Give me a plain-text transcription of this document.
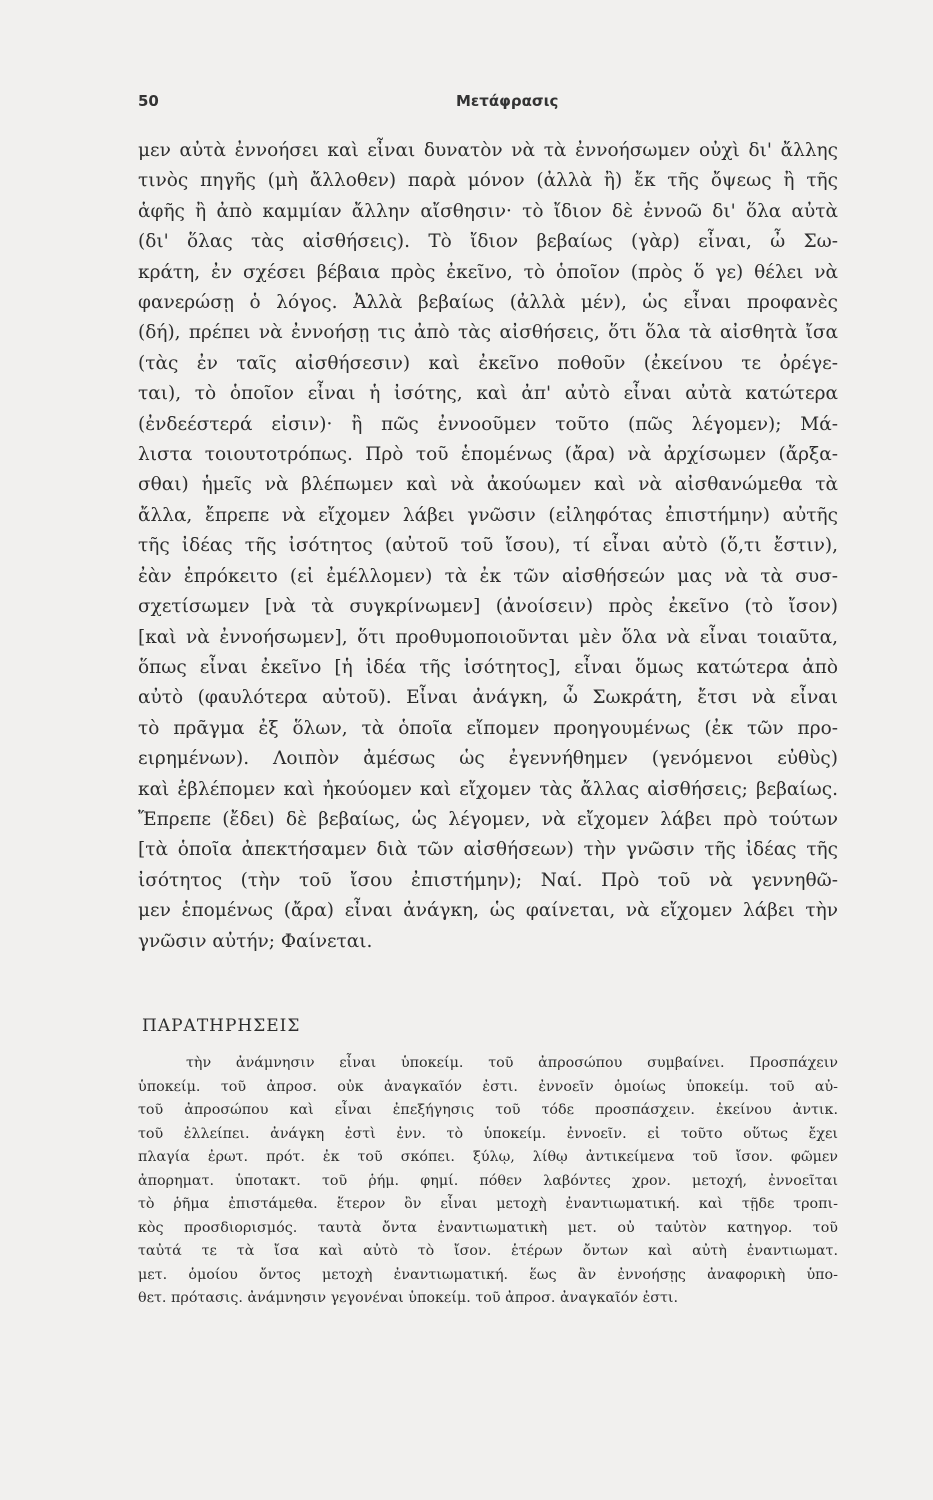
50	Μετάφρασις
μεν αὐτὰ ἐννοήσει καὶ εἶναι δυνατὸν νὰ τὰ ἐννοήσωμεν οὐχὶ δι' ἄλλης
τινὸς πηγῆς (μὴ ἄλλοθεν) παρὰ μόνον (ἀλλὰ ἢ) ἔκ τῆς ὄψεως ἢ τῆς
ἁφῆς ἢ ἀπὸ καμμίαν ἄλλην αἴσθησιν· τὸ ἴδιον δὲ ἐννοῶ δι' ὅλα αὐτὰ
(δι' ὅλας τὰς αἰσθήσεις). Τὸ ἴδιον βεβαίως (γὰρ) εἶναι, ὦ Σω-
κράτη, ἐν σχέσει βέβαια πρὸς ἐκεῖνο, τὸ ὁποῖον (πρὸς ὅ γε) θέλει νὰ
φανερώσῃ ὁ λόγος. Ἀλλὰ βεβαίως (ἀλλὰ μέν), ὡς εἶναι προφανὲς
(δή), πρέπει νὰ ἐννοήσῃ τις ἀπὸ τὰς αἰσθήσεις, ὅτι ὅλα τὰ αἰσθητὰ ἴσα
(τὰς ἐν ταῖς αἰσθήσεσιν) καὶ ἐκεῖνο ποθοῦν (ἐκείνου τε ὀρέγε-
ται), τὸ ὁποῖον εἶναι ἡ ἰσότης, καὶ ἀπ' αὐτὸ εἶναι αὐτὰ κατώτερα
(ἐνδεέστερά εἰσιν)· ἢ πῶς ἐννοοῦμεν τοῦτο (πῶς λέγομεν); Μά-
λιστα τοιουτοτρόπως. Πρὸ τοῦ ἑπομένως (ἄρα) νὰ ἀρχίσωμεν (ἄρξα-
σθαι) ἡμεῖς νὰ βλέπωμεν καὶ νὰ ἀκούωμεν καὶ νὰ αἰσθανώμεθα τὰ
ἄλλα, ἔπρεπε νὰ εἴχομεν λάβει γνῶσιν (εἰληφότας ἐπιστήμην) αὐτῆς
τῆς ἰδέας τῆς ἰσότητος (αὐτοῦ τοῦ ἴσου), τί εἶναι αὐτὸ (ὅ,τι ἔστιν),
ἐὰν ἐπρόκειτο (εἰ ἐμέλλομεν) τὰ ἐκ τῶν αἰσθήσεών μας νὰ τὰ συσ-
σχετίσωμεν [νὰ τὰ συγκρίνωμεν] (ἀνοίσειν) πρὸς ἐκεῖνο (τὸ ἴσον)
[καὶ νὰ ἐννοήσωμεν], ὅτι προθυμοποιοῦνται μὲν ὅλα νὰ εἶναι τοιαῦτα,
ὅπως εἶναι ἐκεῖνο [ἡ ἰδέα τῆς ἰσότητος], εἶναι ὅμως κατώτερα ἀπὸ
αὐτὸ (φαυλότερα αὐτοῦ). Εἶναι ἀνάγκη, ὦ Σωκράτη, ἔτσι νὰ εἶναι
τὸ πρᾶγμα ἐξ ὅλων, τὰ ὁποῖα εἴπομεν προηγουμένως (ἐκ τῶν προ-
ειρημένων). Λοιπὸν ἀμέσως ὡς ἐγεννήθημεν (γενόμενοι εὐθὺς)
καὶ ἐβλέπομεν καὶ ἠκούομεν καὶ εἴχομεν τὰς ἄλλας αἰσθήσεις; βεβαίως.
Ἔπρεπε (ἔδει) δὲ βεβαίως, ὡς λέγομεν, νὰ εἴχομεν λάβει πρὸ τούτων
[τὰ ὁποῖα ἀπεκτήσαμεν διὰ τῶν αἰσθήσεων) τὴν γνῶσιν τῆς ἰδέας τῆς
ἰσότητος (τὴν τοῦ ἴσου ἐπιστήμην); Ναί. Πρὸ τοῦ νὰ γεννηθῶ-
μεν ἑπομένως (ἄρα) εἶναι ἀνάγκη, ὡς φαίνεται, νὰ εἴχομεν λάβει τὴν
γνῶσιν αὐτήν; Φαίνεται.
ΠΑΡΑΤΗΡΗΣΕΙΣ
τὴν ἀνάμνησιν εἶναι ὑποκείμ. τοῦ ἀπροσώπου συμβαίνει. Προσπάχειν
ὑποκείμ. τοῦ ἀπροσ. οὐκ ἀναγκαῖόν ἐστι. ἐννοεῖν ὁμοίως ὑποκείμ. τοῦ αὐ-
τοῦ ἀπροσώπου καὶ εἶναι ἐπεξήγησις τοῦ τόδε προσπάσχειν. ἐκείνου ἀντικ.
τοῦ ἐλλείπει. ἀνάγκη ἐστὶ ἐνν. τὸ ὑποκείμ. ἐννοεῖν. εἰ τοῦτο οὕτως ἔχει
πλαγία ἐρωτ. πρότ. ἐκ τοῦ σκόπει. ξύλῳ, λίθῳ ἀντικείμενα τοῦ ἴσον. φῶμεν
ἀπορηματ. ὑποτακτ. τοῦ ῥήμ. φημί. πόθεν λαβόντες χρον. μετοχή, ἐννοεῖται
τὸ ῥῆμα ἐπιστάμεθα. ἕτερον ὂν εἶναι μετοχὴ ἐναντιωματική. καὶ τῇδε τροπι-
κὸς προσδιορισμός. ταυτὰ ὄντα ἐναντιωματικὴ μετ. οὐ ταὐτὸν κατηγορ. τοῦ
ταὐτά τε τὰ ἴσα καὶ αὐτὸ τὸ ἴσον. ἑτέρων ὄντων καὶ αὐτὴ ἐναντιωματ.
μετ. ὁμοίου ὄντος μετοχὴ ἐναντιωματική. ἕως ἂν ἐννοήσῃς ἀναφορικὴ ὑπο-
θετ. πρότασις. ἀνάμνησιν γεγονέναι ὑποκείμ. τοῦ ἀπροσ. ἀναγκαῖόν ἐστι.
